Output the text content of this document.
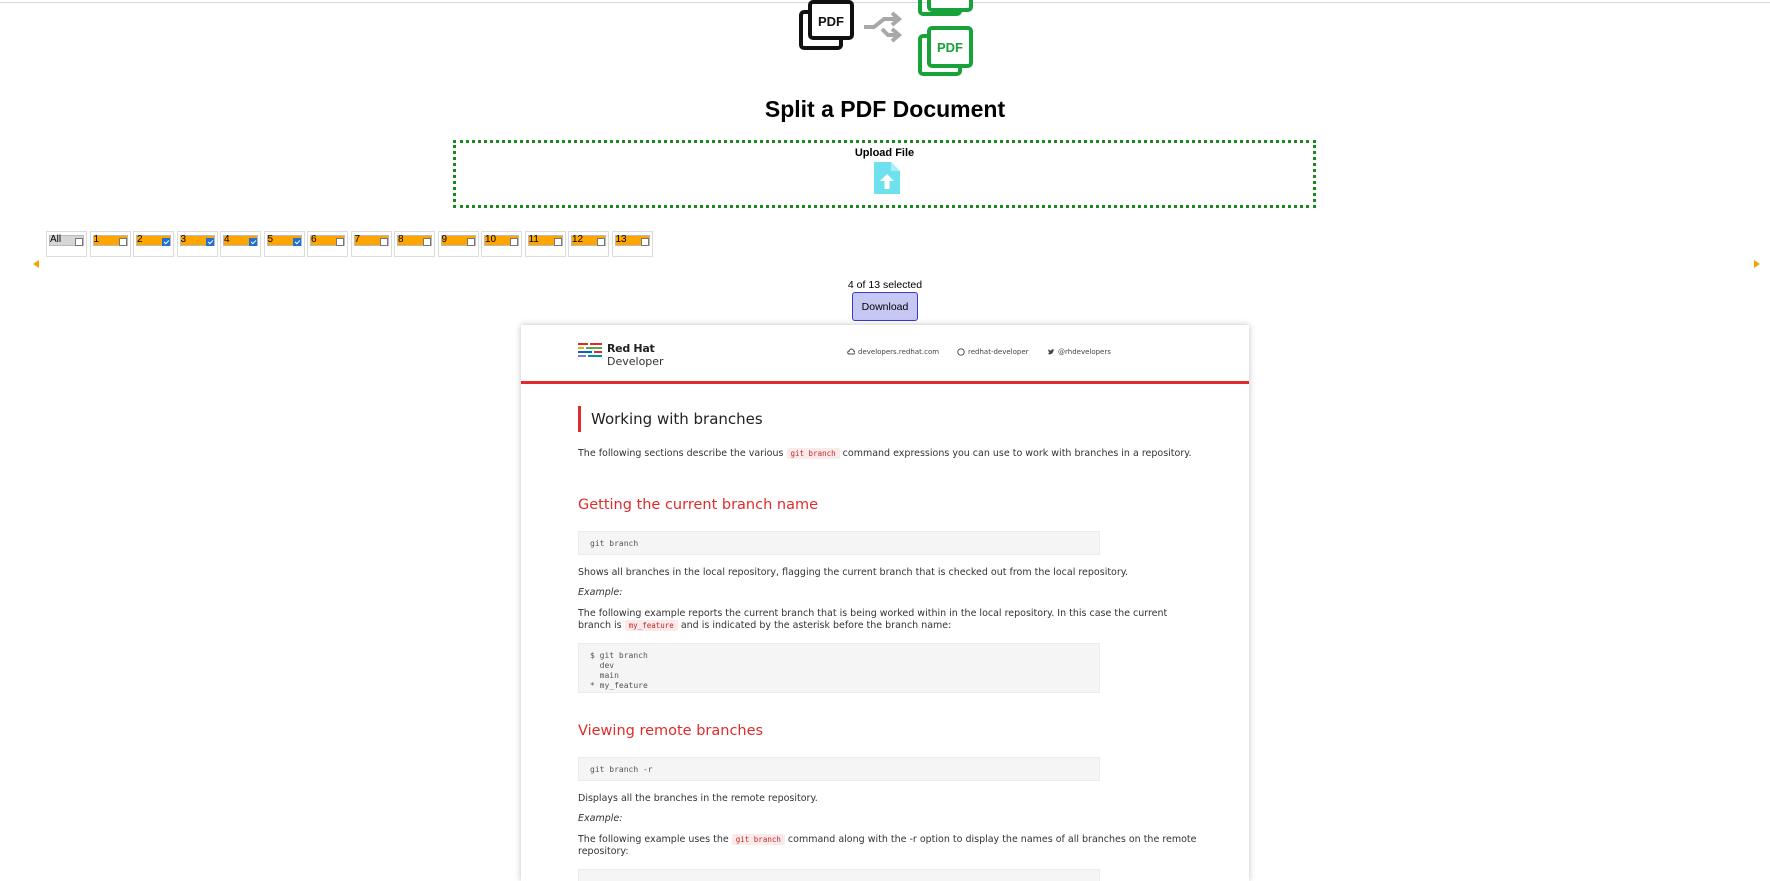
PDF
PDF
Split a PDF Document
Upload File
All	1	2	3	4	5	6	7	8	9	10	11	12	13
4 of 13 selected
Download
Red Hat
Developer
developers.redhat.com	redhat-developer	@rhdevelopers
Working with branches
The following sections describe the various git branch command expressions you can use to work with branches in a repository.
Getting the current branch name
git branch
Shows all branches in the local repository, flagging the current branch that is checked out from the local repository.
Example:
The following example reports the current branch that is being worked within in the local repository. In this case the current branch is my_feature and is indicated by the asterisk before the branch name:
$ git branch
dev
main
* my_feature
Viewing remote branches
git branch -r
Displays all the branches in the remote repository.
Example:
The following example uses the git branch command along with the -r option to display the names of all branches on the remote repository:
